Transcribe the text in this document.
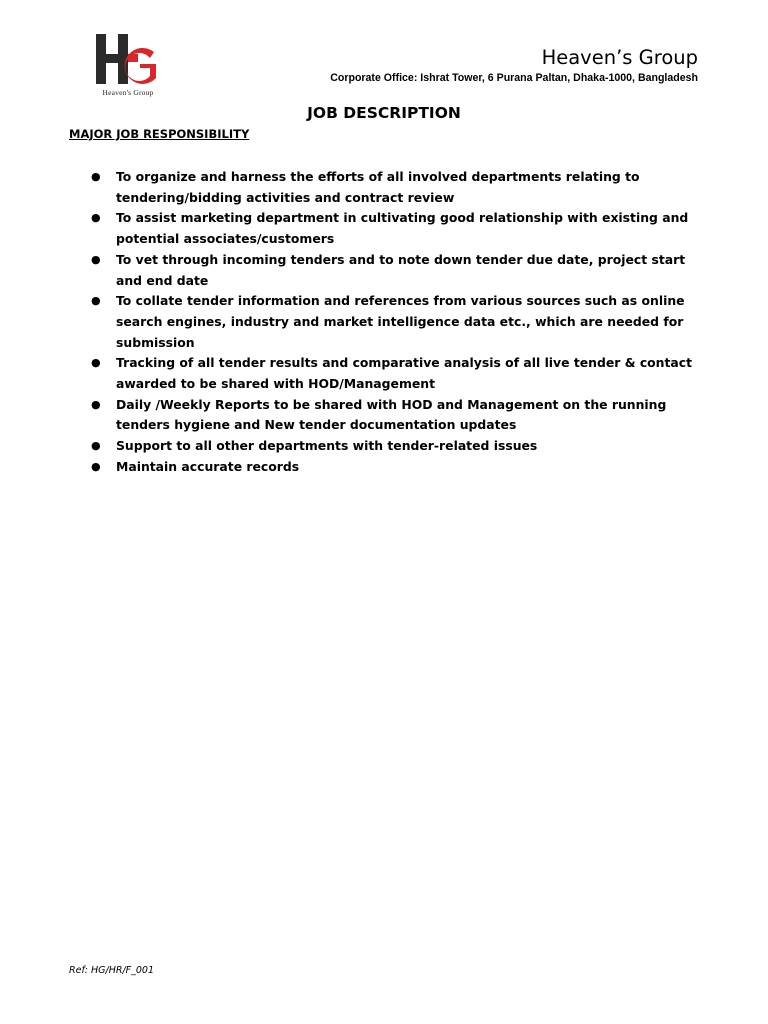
Heaven's Group
Heaven’s Group
Corporate Office: Ishrat Tower, 6 Purana Paltan, Dhaka-1000, Bangladesh
JOB DESCRIPTION
MAJOR JOB RESPONSIBILITY
● To organize and harness the efforts of all involved departments relating to tendering/bidding activities and contract review
● To assist marketing department in cultivating good relationship with existing and potential associates/customers
● To vet through incoming tenders and to note down tender due date, project start and end date
● To collate tender information and references from various sources such as online search engines, industry and market intelligence data etc., which are needed for submission
● Tracking of all tender results and comparative analysis of all live tender & contact awarded to be shared with HOD/Management
● Daily /Weekly Reports to be shared with HOD and Management on the running tenders hygiene and New tender documentation updates
● Support to all other departments with tender-related issues
● Maintain accurate records
Ref: HG/HR/F_001
